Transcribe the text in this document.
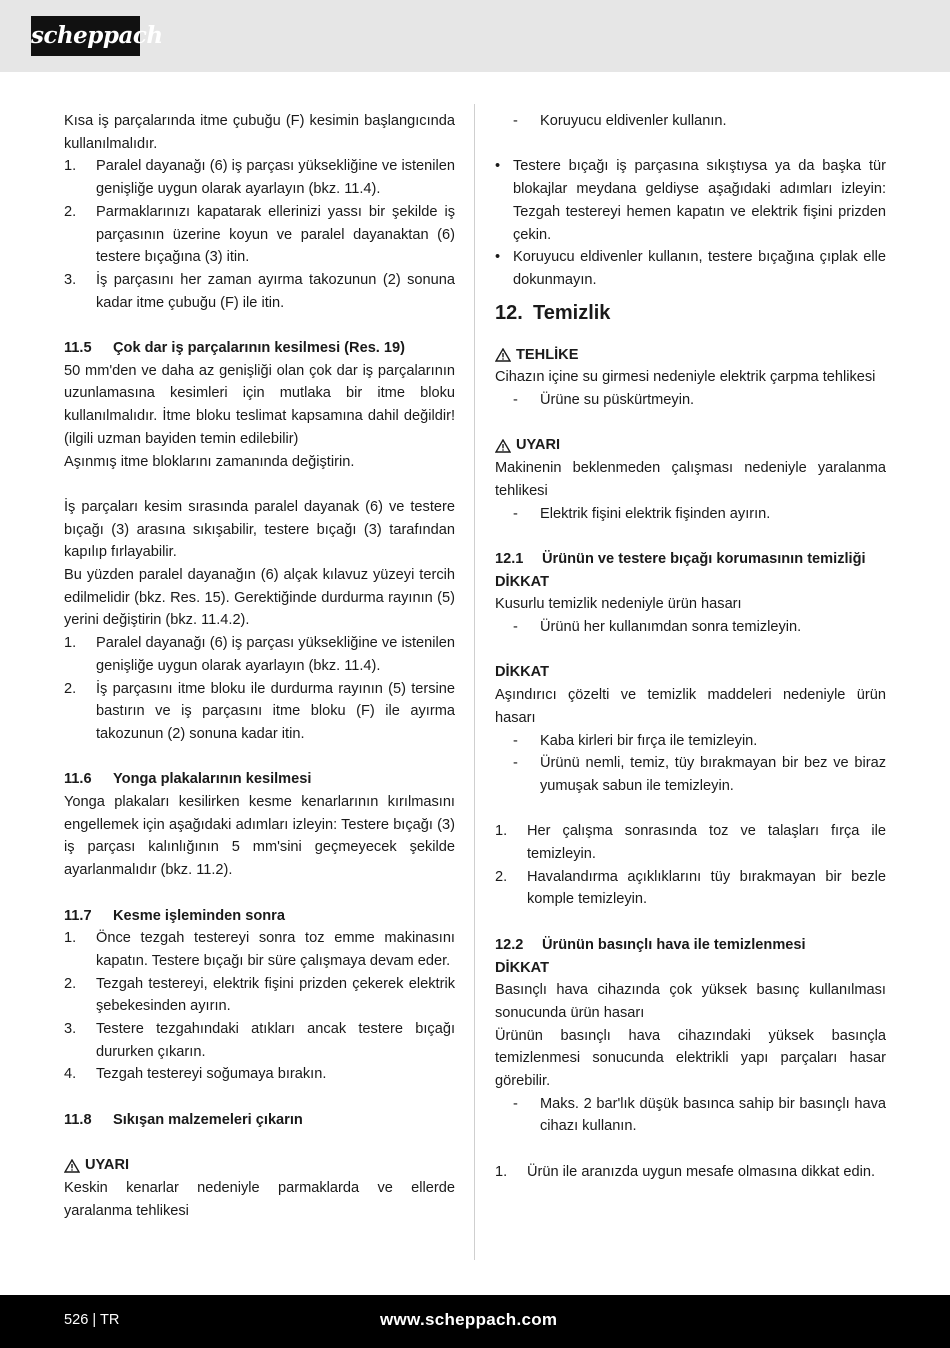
scheppach
Kısa iş parçalarında itme çubuğu (F) kesimin başlangıcında kullanılmalıdır.
1.	Paralel dayanağı (6) iş parçası yüksekliğine ve istenilen genişliğe uygun olarak ayarlayın (bkz. 11.4).
2.	Parmaklarınızı kapatarak ellerinizi yassı bir şekilde iş parçasının üzerine koyun ve paralel dayanaktan (6) testere bıçağına (3) itin.
3.	İş parçasını her zaman ayırma takozunun (2) sonuna kadar itme çubuğu (F) ile itin.
11.5	Çok dar iş parçalarının kesilmesi (Res. 19)
50 mm'den ve daha az genişliği olan çok dar iş parçalarının uzunlamasına kesimleri için mutlaka bir itme bloku kullanılmalıdır. İtme bloku teslimat kapsamına dahil değildir! (ilgili uzman bayiden temin edilebilir)
Aşınmış itme bloklarını zamanında değiştirin.
İş parçaları kesim sırasında paralel dayanak (6) ve testere bıçağı (3) arasına sıkışabilir, testere bıçağı (3) tarafından kapılıp fırlayabilir.
Bu yüzden paralel dayanağın (6) alçak kılavuz yüzeyi tercih edilmelidir (bkz. Res. 15). Gerektiğinde durdurma rayının (5) yerini değiştirin (bkz. 11.4.2).
1.	Paralel dayanağı (6) iş parçası yüksekliğine ve istenilen genişliğe uygun olarak ayarlayın (bkz. 11.4).
2.	İş parçasını itme bloku ile durdurma rayının (5) tersine bastırın ve iş parçasını itme bloku (F) ile ayırma takozunun (2) sonuna kadar itin.
11.6	Yonga plakalarının kesilmesi
Yonga plakaları kesilirken kesme kenarlarının kırılmasını engellemek için aşağıdaki adımları izleyin: Testere bıçağı (3) iş parçası kalınlığının 5 mm'sini geçmeyecek şekilde ayarlanmalıdır (bkz. 11.2).
11.7	Kesme işleminden sonra
1.	Önce tezgah testereyi sonra toz emme makinasını kapatın. Testere bıçağı bir süre çalışmaya devam eder.
2.	Tezgah testereyi, elektrik fişini prizden çekerek elektrik şebekesinden ayırın.
3.	Testere tezgahındaki atıkları ancak testere bıçağı dururken çıkarın.
4.	Tezgah testereyi soğumaya bırakın.
11.8	Sıkışan malzemeleri çıkarın
UYARI
Keskin kenarlar nedeniyle parmaklarda ve ellerde yaralanma tehlikesi
-	Koruyucu eldivenler kullanın.
• Testere bıçağı iş parçasına sıkıştıysa ya da başka tür blokajlar meydana geldiyse aşağıdaki adımları izleyin: Tezgah testereyi hemen kapatın ve elektrik fişini prizden çekin.
• Koruyucu eldivenler kullanın, testere bıçağına çıplak elle dokunmayın.
12. Temizlik
TEHLİKE
Cihazın içine su girmesi nedeniyle elektrik çarpma tehlikesi
-	Ürüne su püskürtmeyin.
UYARI
Makinenin beklenmeden çalışması nedeniyle yaralanma tehlikesi
-	Elektrik fişini elektrik fişinden ayırın.
12.1	Ürünün ve testere bıçağı korumasının temizliği
DİKKAT
Kusurlu temizlik nedeniyle ürün hasarı
-	Ürünü her kullanımdan sonra temizleyin.
DİKKAT
Aşındırıcı çözelti ve temizlik maddeleri nedeniyle ürün hasarı
-	Kaba kirleri bir fırça ile temizleyin.
-	Ürünü nemli, temiz, tüy bırakmayan bir bez ve biraz yumuşak sabun ile temizleyin.
1.	Her çalışma sonrasında toz ve talaşları fırça ile temizleyin.
2.	Havalandırma açıklıklarını tüy bırakmayan bir bezle komple temizleyin.
12.2	Ürünün basınçlı hava ile temizlenmesi
DİKKAT
Basınçlı hava cihazında çok yüksek basınç kullanılması sonucunda ürün hasarı
Ürünün basınçlı hava cihazındaki yüksek basınçla temizlenmesi sonucunda elektrikli yapı parçaları hasar görebilir.
-	Maks. 2 bar'lık düşük basınca sahip bir basınçlı hava cihazı kullanın.
1.	Ürün ile aranızda uygun mesafe olmasına dikkat edin.
526 | TR	www.scheppach.com
